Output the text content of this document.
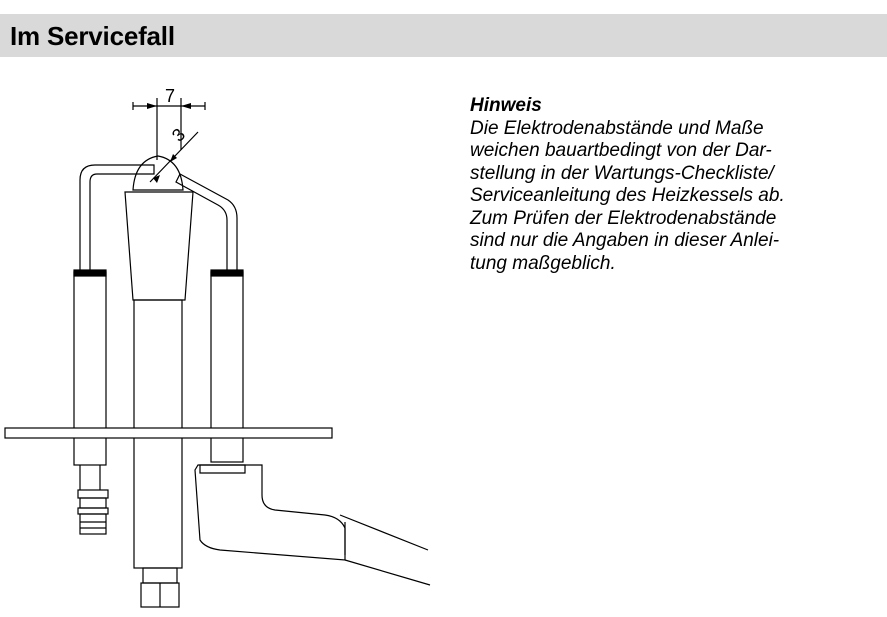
Im Servicefall
7
3
Hinweis
Die Elektrodenabstände und Maße
weichen bauartbedingt von der Dar-
stellung in der Wartungs-Checkliste/
Serviceanleitung des Heizkessels ab.
Zum Prüfen der Elektrodenabstände
sind nur die Angaben in dieser Anlei-
tung maßgeblich.
